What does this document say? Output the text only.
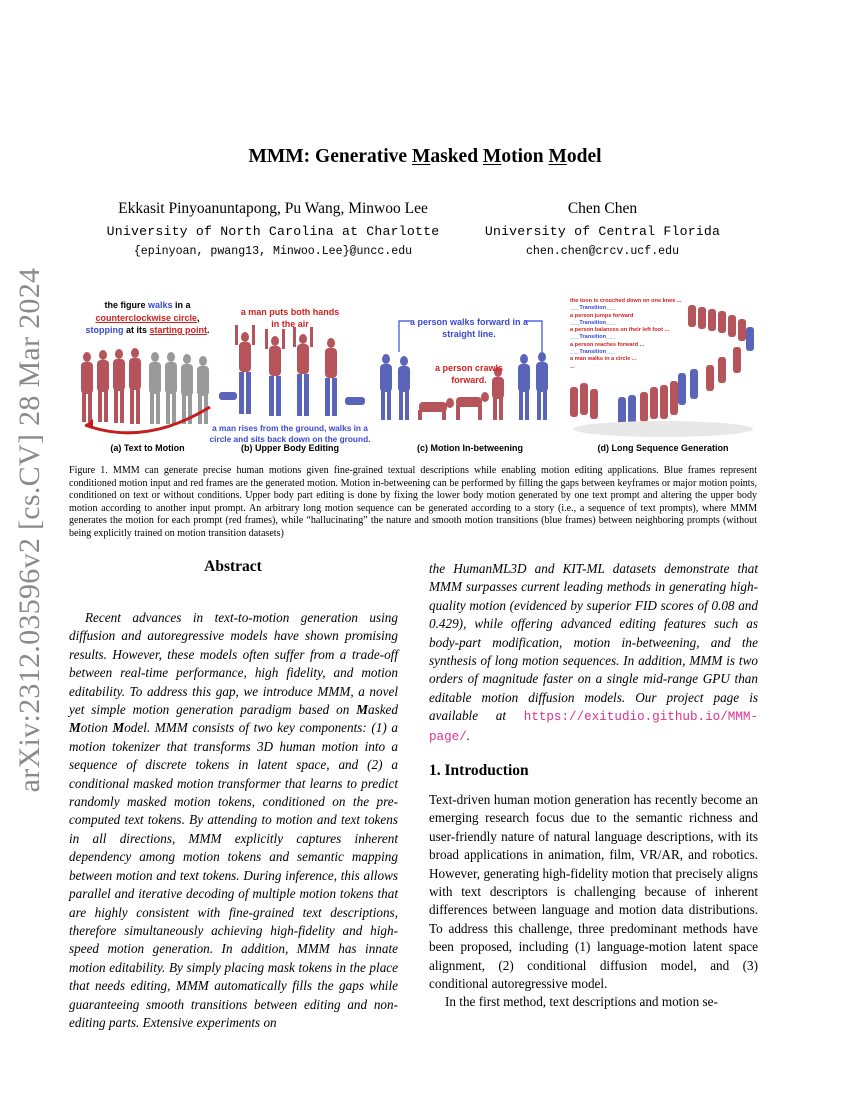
arXiv:2312.03596v2 [cs.CV] 28 Mar 2024
MMM: Generative Masked Motion Model
Ekkasit Pinyoanuntapong, Pu Wang, Minwoo Lee
University of North Carolina at Charlotte
{epinyoan, pwang13, Minwoo.Lee}@uncc.edu
Chen Chen
University of Central Florida
chen.chen@crcv.ucf.edu
the figure walks in a
counterclockwise circle,
stopping at its starting point.
(a) Text to Motion
a man puts both hands in the air
a man rises from the ground, walks in a circle and sits back down on the ground.
(b) Upper Body Editing
a person walks forward in a straight line.
a person crawls forward.
(c) Motion In-betweening
the toon is crouched down on one knee ...
___Transition___
a person jumps forward
___Transition___
a person balances on their left foot ...
___Transition___
a person reaches forward ...
___Transition___
a man walks in a circle ...
...
(d) Long Sequence Generation
Figure 1. MMM can generate precise human motions given fine-grained textual descriptions while enabling motion editing applications. Blue frames represent conditioned motion input and red frames are the generated motion. Motion in-betweening can be performed by filling the gaps between keyframes or major motion points, conditioned on text or without conditions. Upper body part editing is done by fixing the lower body motion generated by one text prompt and altering the upper body motion according to another input prompt. An arbitrary long motion sequence can be generated according to a story (i.e., a sequence of text prompts), where MMM generates the motion for each prompt (red frames), while “hallucinating” the nature and smooth motion transitions (blue frames) between neighboring prompts (without being explicitly trained on motion transition datasets)
Abstract
Recent advances in text-to-motion generation using diffusion and autoregressive models have shown promising results. However, these models often suffer from a trade-off between real-time performance, high fidelity, and motion editability. To address this gap, we introduce MMM, a novel yet simple motion generation paradigm based on Masked Motion Model. MMM consists of two key components: (1) a motion tokenizer that transforms 3D human motion into a sequence of discrete tokens in latent space, and (2) a conditional masked motion transformer that learns to predict randomly masked motion tokens, conditioned on the pre-computed text tokens. By attending to motion and text tokens in all directions, MMM explicitly captures inherent dependency among motion tokens and semantic mapping between motion and text tokens. During inference, this allows parallel and iterative decoding of multiple motion tokens that are highly consistent with fine-grained text descriptions, therefore simultaneously achieving high-fidelity and high-speed motion generation. In addition, MMM has innate motion editability. By simply placing mask tokens in the place that needs editing, MMM automatically fills the gaps while guaranteeing smooth transitions between editing and non-editing parts. Extensive experiments on
the HumanML3D and KIT-ML datasets demonstrate that MMM surpasses current leading methods in generating high-quality motion (evidenced by superior FID scores of 0.08 and 0.429), while offering advanced editing features such as body-part modification, motion in-betweening, and the synthesis of long motion sequences. In addition, MMM is two orders of magnitude faster on a single mid-range GPU than editable motion diffusion models. Our project page is available at https://exitudio.github.io/MMM-page/.
1. Introduction

Text-driven human motion generation has recently become an emerging research focus due to the semantic richness and user-friendly nature of natural language descriptions, with its broad applications in animation, film, VR/AR, and robotics. However, generating high-fidelity motion that precisely aligns with text descriptors is challenging because of inherent differences between language and motion data distributions. To address this challenge, three predominant methods have been proposed, including (1) language-motion latent space alignment, (2) conditional diffusion model, and (3) conditional autoregressive model.

In the first method, text descriptions and motion se-
